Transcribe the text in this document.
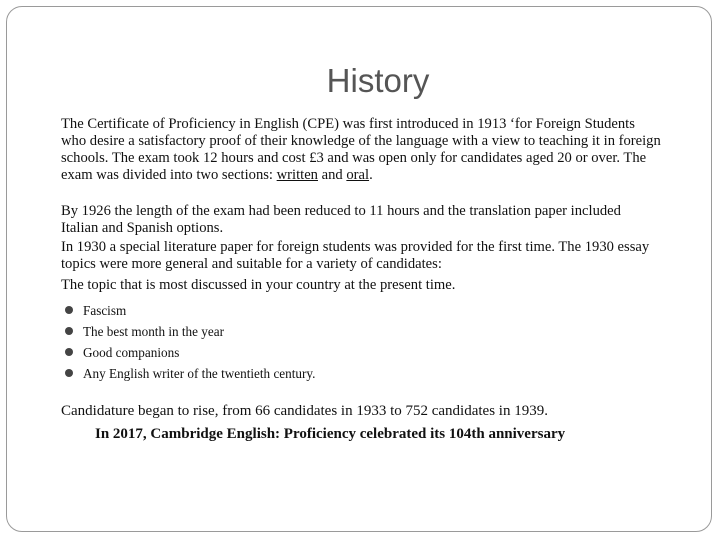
History

The Certificate of Proficiency in English (CPE) was first introduced in 1913 ‘for Foreign Students who desire a satisfactory proof of their knowledge of the language with a view to teaching it in foreign schools. The exam took 12 hours and cost £3 and was open only for candidates aged 20 or over. The exam was divided into two sections: written and oral.

By 1926 the length of the exam had been reduced to 11 hours and the translation paper included Italian and Spanish options.

In 1930 a special literature paper for foreign students was provided for the first time. The 1930 essay topics were more general and suitable for a variety of candidates:

The topic that is most discussed in your country at the present time.

Fascism
The best month in the year
Good companions
Any English writer of the twentieth century.

Candidature began to rise, from 66 candidates in 1933 to 752 candidates in 1939.

In 2017, Cambridge English: Proficiency celebrated its 104th anniversary
